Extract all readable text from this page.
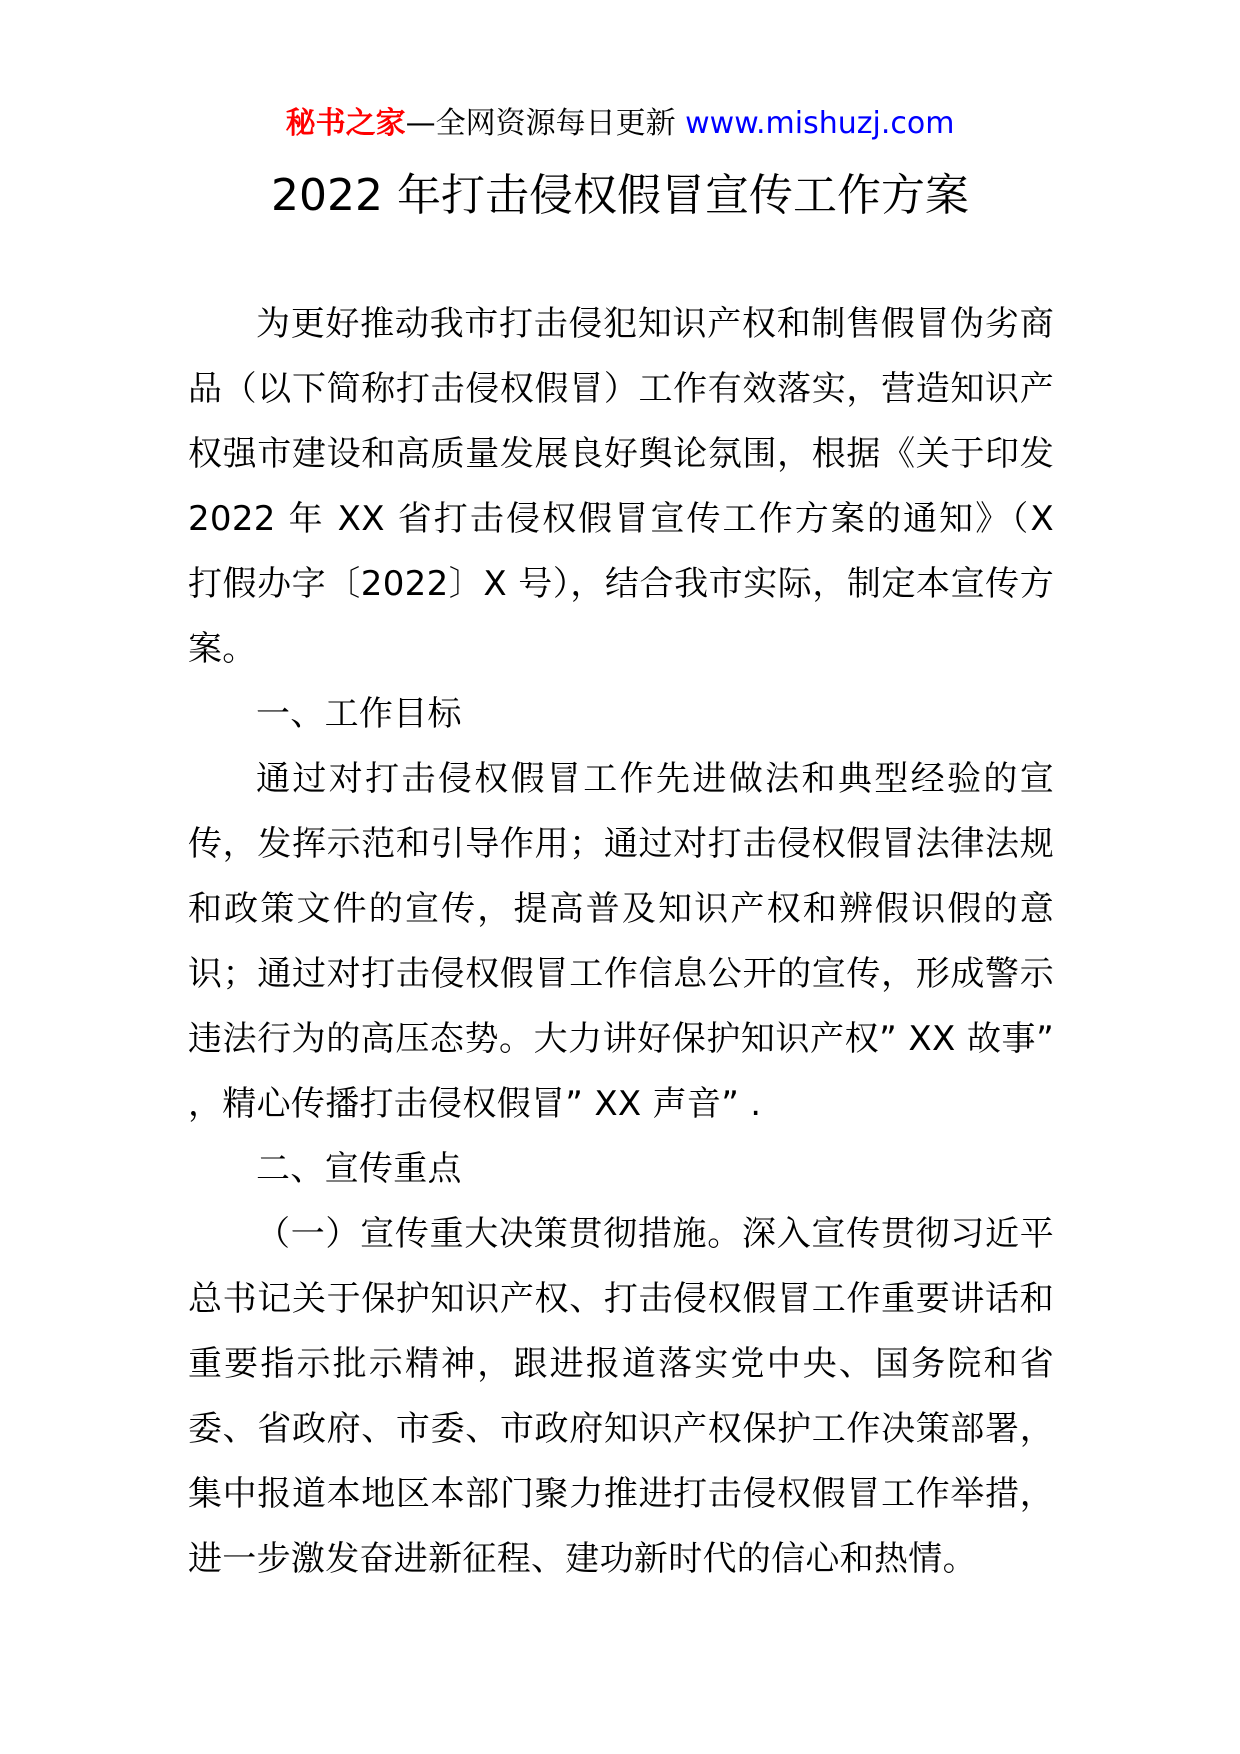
秘书之家—全网资源每日更新 www.mishuzj.com
2022 年打击侵权假冒宣传工作方案

为更好推动我市打击侵犯知识产权和制售假冒伪劣商品（以下简称打击侵权假冒）工作有效落实，营造知识产权强市建设和高质量发展良好舆论氛围，根据《关于印发 2022 年 XX 省打击侵权假冒宣传工作方案的通知》（X 打假办字〔2022〕X 号），结合我市实际，制定本宣传方案。

一、工作目标

通过对打击侵权假冒工作先进做法和典型经验的宣传，发挥示范和引导作用；通过对打击侵权假冒法律法规和政策文件的宣传，提高普及知识产权和辨假识假的意识；通过对打击侵权假冒工作信息公开的宣传，形成警示违法行为的高压态势。大力讲好保护知识产权” XX 故事” ，精心传播打击侵权假冒” XX 声音” .

二、宣传重点

（一）宣传重大决策贯彻措施。深入宣传贯彻习近平总书记关于保护知识产权、打击侵权假冒工作重要讲话和重要指示批示精神，跟进报道落实党中央、国务院和省委、省政府、市委、市政府知识产权保护工作决策部署，集中报道本地区本部门聚力推进打击侵权假冒工作举措，进一步激发奋进新征程、建功新时代的信心和热情。
